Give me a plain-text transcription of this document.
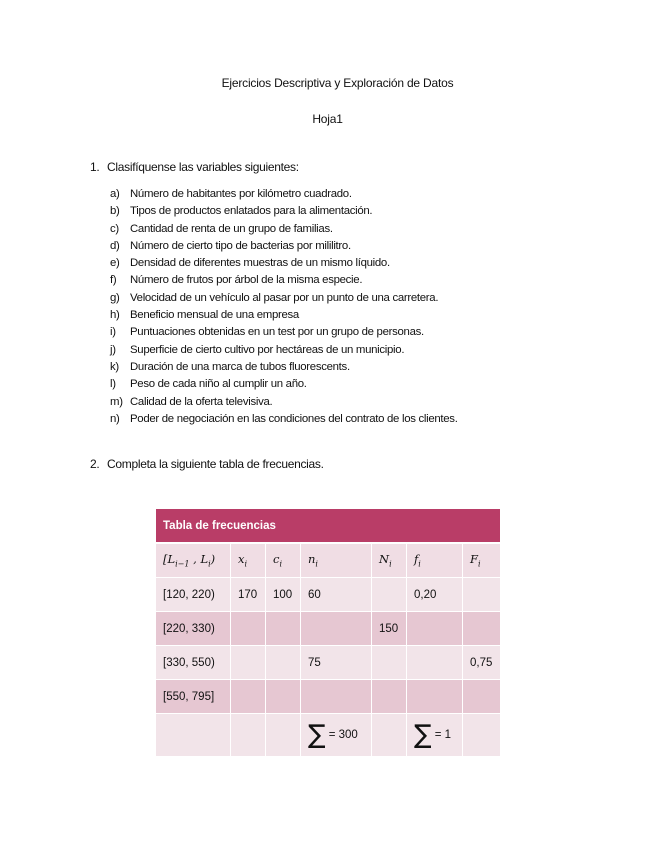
Ejercicios Descriptiva y Exploración de Datos
Hoja1
1. Clasifíquense las variables siguientes:
a) Número de habitantes por kilómetro cuadrado.
b) Tipos de productos enlatados para la alimentación.
c) Cantidad de renta de un grupo de familias.
d) Número de cierto tipo de bacterias por mililitro.
e) Densidad de diferentes muestras de un mismo líquido.
f) Número de frutos por árbol de la misma especie.
g) Velocidad de un vehículo al pasar por un punto de una carretera.
h) Beneficio mensual de una empresa
i) Puntuaciones obtenidas en un test por un grupo de personas.
j) Superficie de cierto cultivo por hectáreas de un municipio.
k) Duración de una marca de tubos fluorescents.
l) Peso de cada niño al cumplir un año.
m) Calidad de la oferta televisiva.
n) Poder de negociación en las condiciones del contrato de los clientes.
2. Completa la siguiente tabla de frecuencias.
Tabla de frecuencias						
[$L_{i-1}$ , $L_i$)	$x_i$	$c_i$	$n_i$	$N_i$	$f_i$	$F_i$
[120, 220)	170	100	60		0,20	
[220, 330)				150		
[330, 550)			75			0,75
[550, 795]						
			∑ = 300		∑ = 1	
